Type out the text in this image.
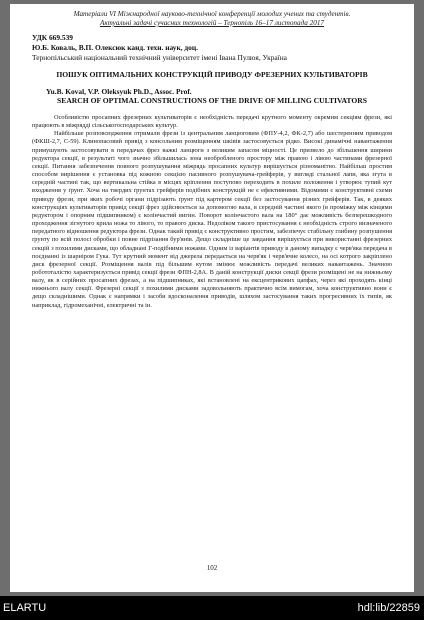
Матеріали VI Міжнародної науково-технічної конференції молодих учених та студентів.
Актуальні задачі сучасних технологій – Тернопіль 16–17 листопада 2017
УДК 669.539
Ю.Б. Коваль, В.П. Олексюк канд. техн. наук, доц.
Тернопільський національний технічний університет імені Івана Пулюя, Україна
ПОШУК ОПТИМАЛЬНИХ КОНСТРУКЦІЙ ПРИВОДУ ФРЕЗЕРНИХ КУЛЬТИВАТОРІВ
Yu.B. Koval, V.P. Oleksyuk Ph.D., Assoc. Prof.
SEARCH OF OPTIMAL CONSTRUCTIONS OF THE DRIVE OF MILLING CULTIVATORS

Особливістю просапних фрезерних культиваторів є необхідність передачі крутного моменту окремим секціям фрези, які працюють в міжрядді сільськогосподарських культур.

Найбільше розповсюдження отримали фрези із центральним ланцюговим (ФПУ-4,2, ФК-2,7) або шестеренним приводом (ФКШ-2,7, С-59). Клинопасовий привід з консольним розміщенням шківів застосовується рідко. Високі динамічні навантаження примушують застосовувати в передачах фрез важкі ланцюги з великим запасом міцності. Це призвело до збільшення ширини редуктора секції, в результаті чого значно збільшилась зона необробленого простору між правою і лівою частинами фрезерної секції. Питання забезпечення повного розпушування міжрядь просапних культур вирішується різноманітно. Найбільш простим способом вирішення є установка під кожною секцією пасивного розпушувача-грейферів, у вигляді стальної лапи, яка згута в середній частині так, що вертикальна стійка в місцях кріплення поступово переходить в похиле положення і утворює тупий кут входження у ґрунт. Хоча на твердих ґрунтах грейферів подібних конструкцій не є ефективними. Відомими є конструктивні схеми приводу фрези, при яких робочі органи підрізають ґрунт під картером секції без застосування різних грейферів. Так, в деяких конструкціях культиваторів привід секції фрез здійснюється за допомогою вала, в середній частині якого (в проміжку між кінцями редуктором і опорним підшипником) є колінчастий вигин. Поворот колінчастого вала на 180° дає можливість безперешкодного проходження зігнутого крила ножа то лівого, то правого диска. Недоліком такого пристосування є необхідність строго визначеного передатного відношення редуктора фрези. Однак такий привід є конструктивно простим, забезпечує стабільну глибину розпушення ґрунту по всій полосі обробки і повне підрізання бур'янів. Дещо складніше це завдання вирішується при використанні фрезерних секцій з похилими дисками, що обладнані Г-подібними ножами. Одним із варіантів приводу в даному випадку є черв'яка передача в поєднанні із шарніром Гука. Тут крутний момент від джерела передається на черв'як і черв'ячне колесо, на осі котрого закріплено диск фрезерної секції. Розміщення валів під більшим кутом змінює можливість передачі великих навантажень. Значною робототалістю характеризується привід секції фрези ФПН-2,8А. В даній конструкції диски секції фрези розміщені не на нижньому валу, як в серійних просапних фрезах, а на підшипниках, які встановлені на ексцентрикових цапфах, через які проходять кінці нижнього валу секції. Фрезерні секції з похилими дисками задовольняють практично всім вимогам, хоча конструктивно вони є дещо складнішими. Однак є напрямки і засоби вдосконалення приводів, шляхом застосування таких прогресивних їх типів, як наприклад, гідромеханічні, електричні та ін.

102
ELARTU	hdl:lib/22859
